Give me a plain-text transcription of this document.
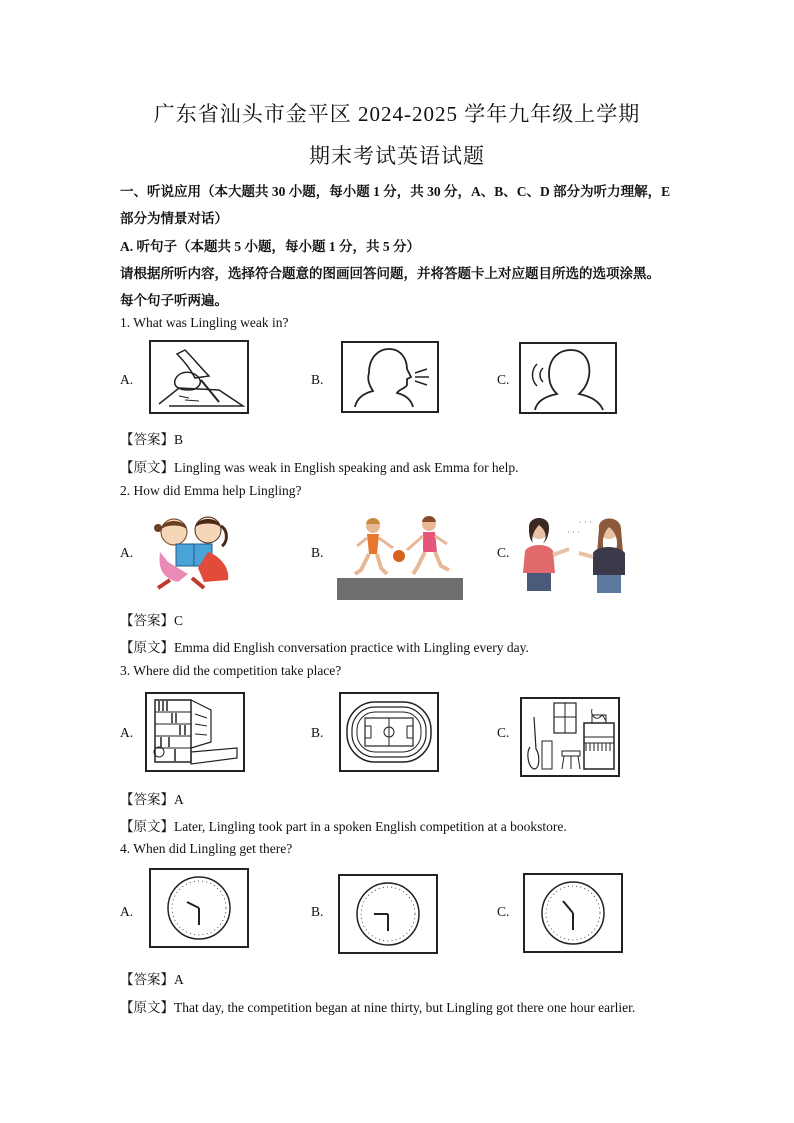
广东省汕头市金平区 2024-2025 学年九年级上学期
期末考试英语试题
一、听说应用（本大题共 30 小题，每小题 1 分，共 30 分，A、B、C、D 部分为听力理解，E
部分为情景对话）
A. 听句子（本题共 5 小题，每小题 1 分，共 5 分）
请根据所听内容，选择符合题意的图画回答问题，并将答题卡上对应题目所选的选项涂黑。
每个句子听两遍。
1. What was Lingling weak in?
A.	B.	C.
【答案】B
【原文】Lingling was weak in English speaking and ask Emma for help.
2. How did Emma help Lingling?
A.	B.	C.
· · ·
· · ·
【答案】C
【原文】Emma did English conversation practice with Lingling every day.
3. Where did the competition take place?
A.	B.	C.
【答案】A
【原文】Later, Lingling took part in a spoken English competition at a bookstore.
4. When did Lingling get there?
A.	B.	C.
【答案】A
【原文】That day, the competition began at nine thirty, but Lingling got there one hour earlier.
